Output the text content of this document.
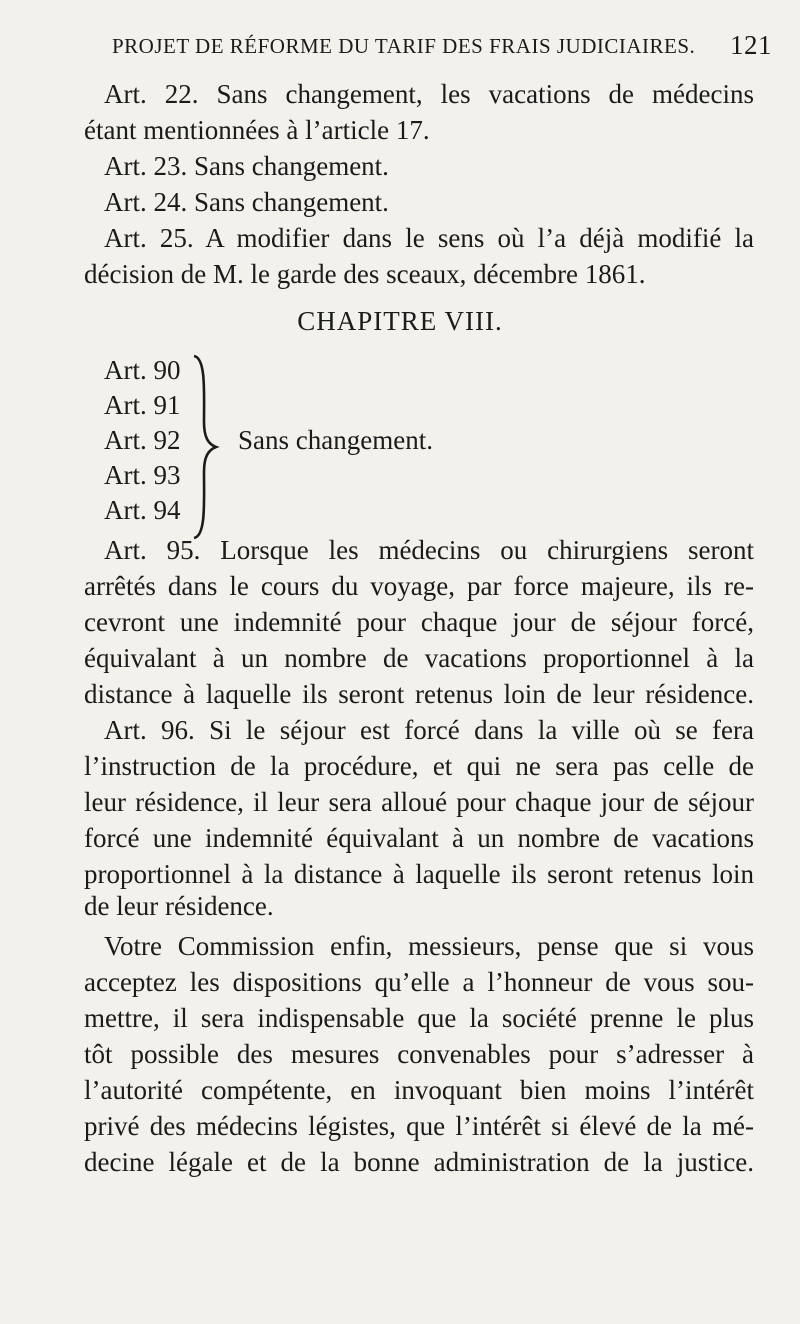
PROJET DE RÉFORME DU TARIF DES FRAIS JUDICIAIRES. 121
Art. 22. Sans changement, les vacations de médecins
étant mentionnées à l’article 17.
Art. 23. Sans changement.
Art. 24. Sans changement.
Art. 25. A modifier dans le sens où l’a déjà modifié la
décision de M. le garde des sceaux, décembre 1861.
CHAPITRE VIII.
Art. 90
Art. 91
Art. 92
Art. 93
Art. 94
Sans changement.
Art. 95. Lorsque les médecins ou chirurgiens seront
arrêtés dans le cours du voyage, par force majeure, ils re-
cevront une indemnité pour chaque jour de séjour forcé,
équivalant à un nombre de vacations proportionnel à la
distance à laquelle ils seront retenus loin de leur résidence.
Art. 96. Si le séjour est forcé dans la ville où se fera
l’instruction de la procédure, et qui ne sera pas celle de
leur résidence, il leur sera alloué pour chaque jour de séjour
forcé une indemnité équivalant à un nombre de vacations
proportionnel à la distance à laquelle ils seront retenus loin
de leur résidence.
Votre Commission enfin, messieurs, pense que si vous
acceptez les dispositions qu’elle a l’honneur de vous sou-
mettre, il sera indispensable que la société prenne le plus
tôt possible des mesures convenables pour s’adresser à
l’autorité compétente, en invoquant bien moins l’intérêt
privé des médecins légistes, que l’intérêt si élevé de la mé-
decine légale et de la bonne administration de la justice.
